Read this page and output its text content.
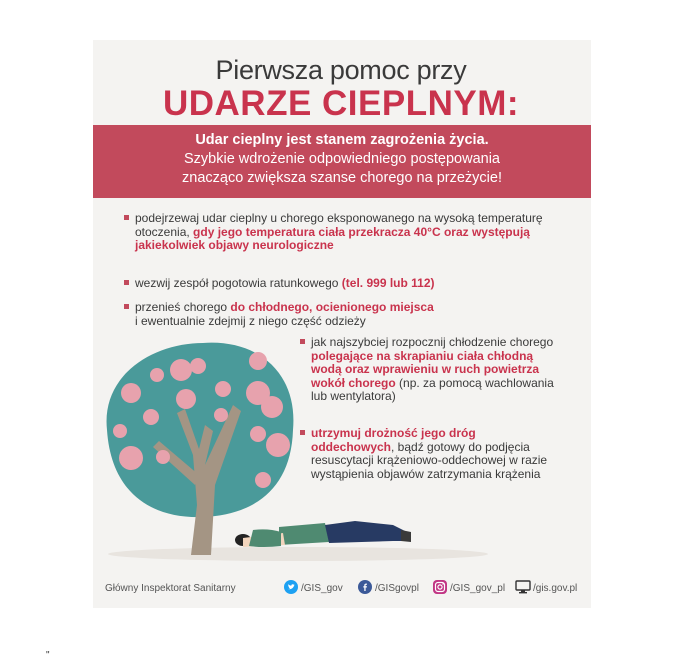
Pierwsza pomoc przy
UDARZE CIEPLNYM:
Udar cieplny jest stanem zagrożenia życia.
Szybkie wdrożenie odpowiedniego postępowania
znacząco zwiększa szanse chorego na przeżycie!
podejrzewaj udar cieplny u chorego eksponowanego na wysoką temperaturę otoczenia, gdy jego temperatura ciała przekracza 40°C oraz występują jakiekolwiek objawy neurologiczne
wezwij zespół pogotowia ratunkowego (tel. 999 lub 112)
przenieś chorego do chłodnego, ocienionego miejsca
i ewentualnie zdejmij z niego część odzieży
jak najszybciej rozpocznij chłodzenie chorego polegające na skrapianiu ciała chłodną wodą oraz wprawieniu w ruch powietrza wokół chorego (np. za pomocą wachlowania lub wentylatora)
utrzymuj drożność jego dróg oddechowych, bądź gotowy do podjęcia resuscytacji krążeniowo-oddechowej w razie wystąpienia objawów zatrzymania krążenia
Główny Inspektorat Sanitarny	/GIS_gov	/GISgovpl	/GIS_gov_pl	/gis.gov.pl
"
